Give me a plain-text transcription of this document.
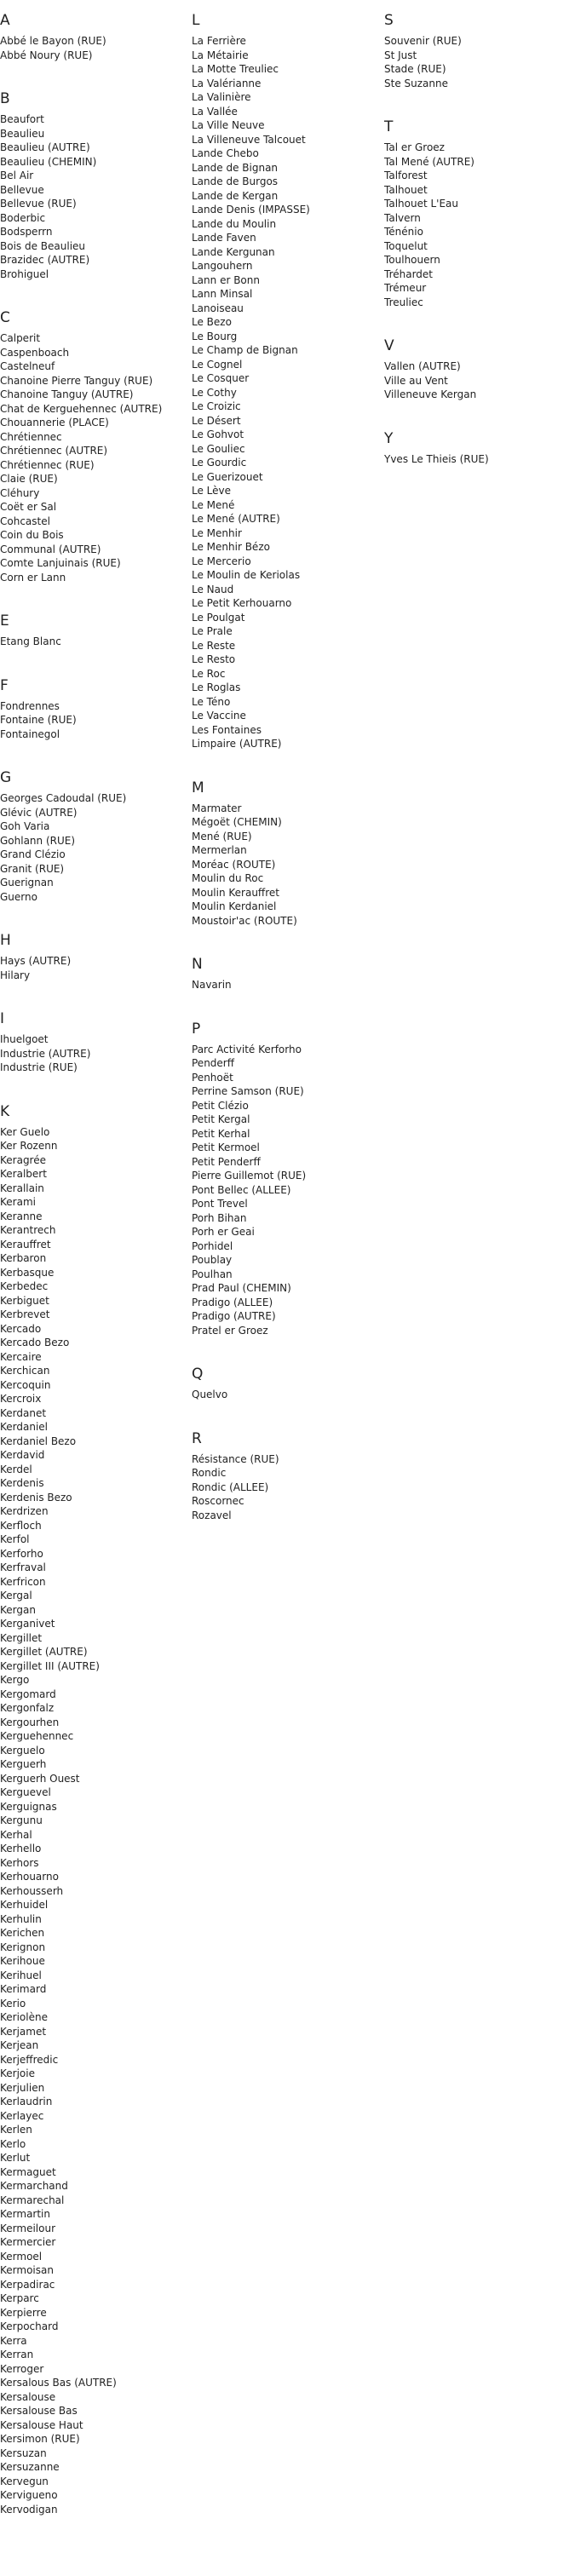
A
Abbé le Bayon (RUE)
Abbé Noury (RUE)
B
Beaufort
Beaulieu
Beaulieu (AUTRE)
Beaulieu (CHEMIN)
Bel Air
Bellevue
Bellevue (RUE)
Boderbic
Bodsperrn
Bois de Beaulieu
Brazidec (AUTRE)
Brohiguel
C
Calperit
Caspenboach
Castelneuf
Chanoine Pierre Tanguy (RUE)
Chanoine Tanguy (AUTRE)
Chat de Kerguehennec (AUTRE)
Chouannerie (PLACE)
Chrétiennec
Chrétiennec (AUTRE)
Chrétiennec (RUE)
Claie (RUE)
Cléhury
Coët er Sal
Cohcastel
Coin du Bois
Communal (AUTRE)
Comte Lanjuinais (RUE)
Corn er Lann
E
Etang Blanc
F
Fondrennes
Fontaine (RUE)
Fontainegol
G
Georges Cadoudal (RUE)
Glévic (AUTRE)
Goh Varia
Gohlann (RUE)
Grand Clézio
Granit (RUE)
Guerignan
Guerno
H
Hays (AUTRE)
Hilary
I
Ihuelgoet
Industrie (AUTRE)
Industrie (RUE)
K
Ker Guelo
Ker Rozenn
Keragrée
Keralbert
Kerallain
Kerami
Keranne
Kerantrech
Kerauffret
Kerbaron
Kerbasque
Kerbedec
Kerbiguet
Kerbrevet
Kercado
Kercado Bezo
Kercaire
Kerchican
Kercoquin
Kercroix
Kerdanet
Kerdaniel
Kerdaniel Bezo
Kerdavid
Kerdel
Kerdenis
Kerdenis Bezo
Kerdrizen
Kerfloch
Kerfol
Kerforho
Kerfraval
Kerfricon
Kergal
Kergan
Kerganivet
Kergillet
Kergillet (AUTRE)
Kergillet III (AUTRE)
Kergo
Kergomard
Kergonfalz
Kergourhen
Kerguehennec
Kerguelo
Kerguerh
Kerguerh Ouest
Kerguevel
Kerguignas
Kergunu
Kerhal
Kerhello
Kerhors
Kerhouarno
Kerhousserh
Kerhuidel
Kerhulin
Kerichen
Kerignon
Kerihoue
Kerihuel
Kerimard
Kerio
Keriolène
Kerjamet
Kerjean
Kerjeffredic
Kerjoie
Kerjulien
Kerlaudrin
Kerlayec
Kerlen
Kerlo
Kerlut
Kermaguet
Kermarchand
Kermarechal
Kermartin
Kermeilour
Kermercier
Kermoel
Kermoisan
Kerpadirac
Kerparc
Kerpierre
Kerpochard
Kerra
Kerran
Kerroger
Kersalous Bas (AUTRE)
Kersalouse
Kersalouse Bas
Kersalouse Haut
Kersimon (RUE)
Kersuzan
Kersuzanne
Kervegun
Kervigueno
Kervodigan
L
La Ferrière
La Métairie
La Motte Treuliec
La Valérianne
La Valinière
La Vallée
La Ville Neuve
La Villeneuve Talcouet
Lande Chebo
Lande de Bignan
Lande de Burgos
Lande de Kergan
Lande Denis (IMPASSE)
Lande du Moulin
Lande Faven
Lande Kergunan
Langouhern
Lann er Bonn
Lann Minsal
Lanoiseau
Le Bezo
Le Bourg
Le Champ de Bignan
Le Cognel
Le Cosquer
Le Cothy
Le Croizic
Le Désert
Le Gohvot
Le Gouliec
Le Gourdic
Le Guerizouet
Le Lève
Le Mené
Le Mené (AUTRE)
Le Menhir
Le Menhir Bézo
Le Mercerio
Le Moulin de Keriolas
Le Naud
Le Petit Kerhouarno
Le Poulgat
Le Prale
Le Reste
Le Resto
Le Roc
Le Roglas
Le Téno
Le Vaccine
Les Fontaines
Limpaire (AUTRE)
M
Marmater
Mégoët (CHEMIN)
Mené (RUE)
Mermerlan
Moréac (ROUTE)
Moulin du Roc
Moulin Kerauffret
Moulin Kerdaniel
Moustoir'ac (ROUTE)
N
Navarin
P
Parc Activité Kerforho
Penderff
Penhoët
Perrine Samson (RUE)
Petit Clézio
Petit Kergal
Petit Kerhal
Petit Kermoel
Petit Penderff
Pierre Guillemot (RUE)
Pont Bellec (ALLEE)
Pont Trevel
Porh Bihan
Porh er Geai
Porhidel
Poublay
Poulhan
Prad Paul (CHEMIN)
Pradigo (ALLEE)
Pradigo (AUTRE)
Pratel er Groez
Q
Quelvo
R
Résistance (RUE)
Rondic
Rondic (ALLEE)
Roscornec
Rozavel
S
Souvenir (RUE)
St Just
Stade (RUE)
Ste Suzanne
T
Tal er Groez
Tal Mené (AUTRE)
Talforest
Talhouet
Talhouet L'Eau
Talvern
Ténénio
Toquelut
Toulhouern
Tréhardet
Trémeur
Treuliec
V
Vallen (AUTRE)
Ville au Vent
Villeneuve Kergan
Y
Yves Le Thieis (RUE)
